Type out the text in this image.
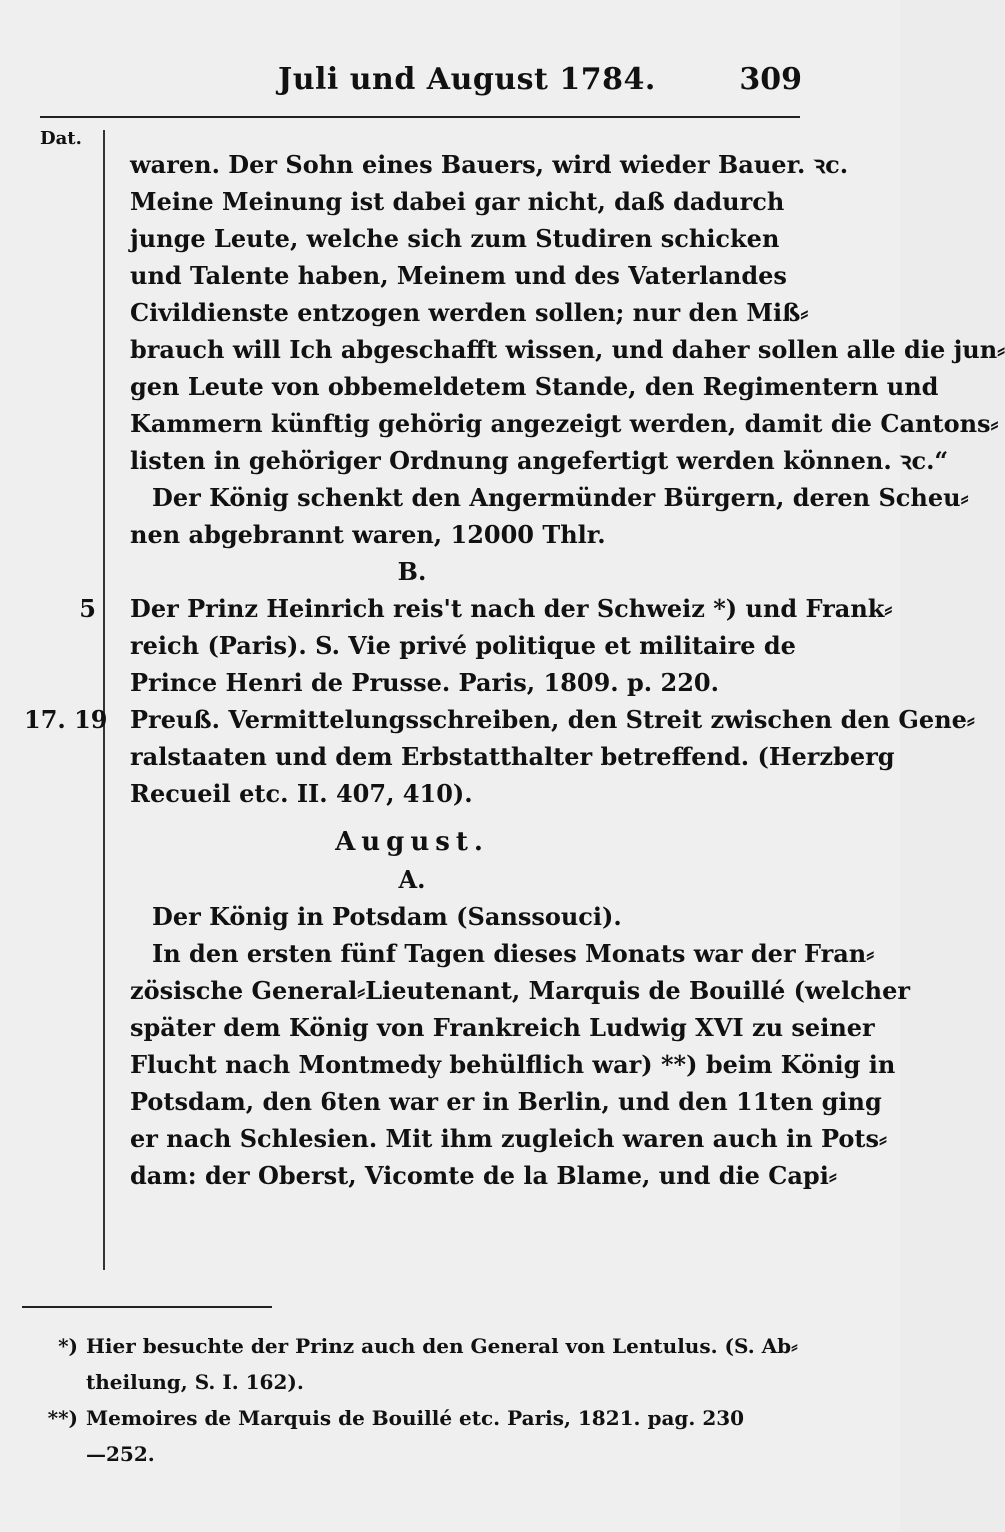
Juli und August 1784.	309
Dat.
waren. Der Sohn eines Bauers, wird wieder Bauer. ꝛc.
Meine Meinung ist dabei gar nicht, daß dadurch
junge Leute, welche sich zum Studiren schicken
und Talente haben, Meinem und des Vaterlandes
Civildienste entzogen werden sollen; nur den Miß⸗
brauch will Ich abgeschafft wissen, und daher sollen alle die jun⸗
gen Leute von obbemeldetem Stande, den Regimentern und
Kammern künftig gehörig angezeigt werden, damit die Cantons⸗
listen in gehöriger Ordnung angefertigt werden können. ꝛc.“
Der König schenkt den Angermünder Bürgern, deren Scheu⸗
nen abgebrannt waren, 12000 Thlr.
B.
5 Der Prinz Heinrich reis't nach der Schweiz *) und Frank⸗
reich (Paris). S. Vie privé politique et militaire de
Prince Henri de Prusse. Paris, 1809. p. 220.
17. 19 Preuß. Vermittelungsschreiben, den Streit zwischen den Gene⸗
ralstaaten und dem Erbstatthalter betreffend. (Herzberg
Recueil etc. II. 407, 410).
August.
A.
Der König in Potsdam (Sanssouci).
In den ersten fünf Tagen dieses Monats war der Fran⸗
zösische General⸗Lieutenant, Marquis de Bouillé (welcher
später dem König von Frankreich Ludwig XVI zu seiner
Flucht nach Montmedy behülflich war) **) beim König in
Potsdam, den 6ten war er in Berlin, und den 11ten ging
er nach Schlesien. Mit ihm zugleich waren auch in Pots⸗
dam: der Oberst, Vicomte de la Blame, und die Capi⸗
*) Hier besuchte der Prinz auch den General von Lentulus. (S. Ab⸗
theilung, S. I. 162).
**) Memoires de Marquis de Bouillé etc. Paris, 1821. pag. 230
—252.
